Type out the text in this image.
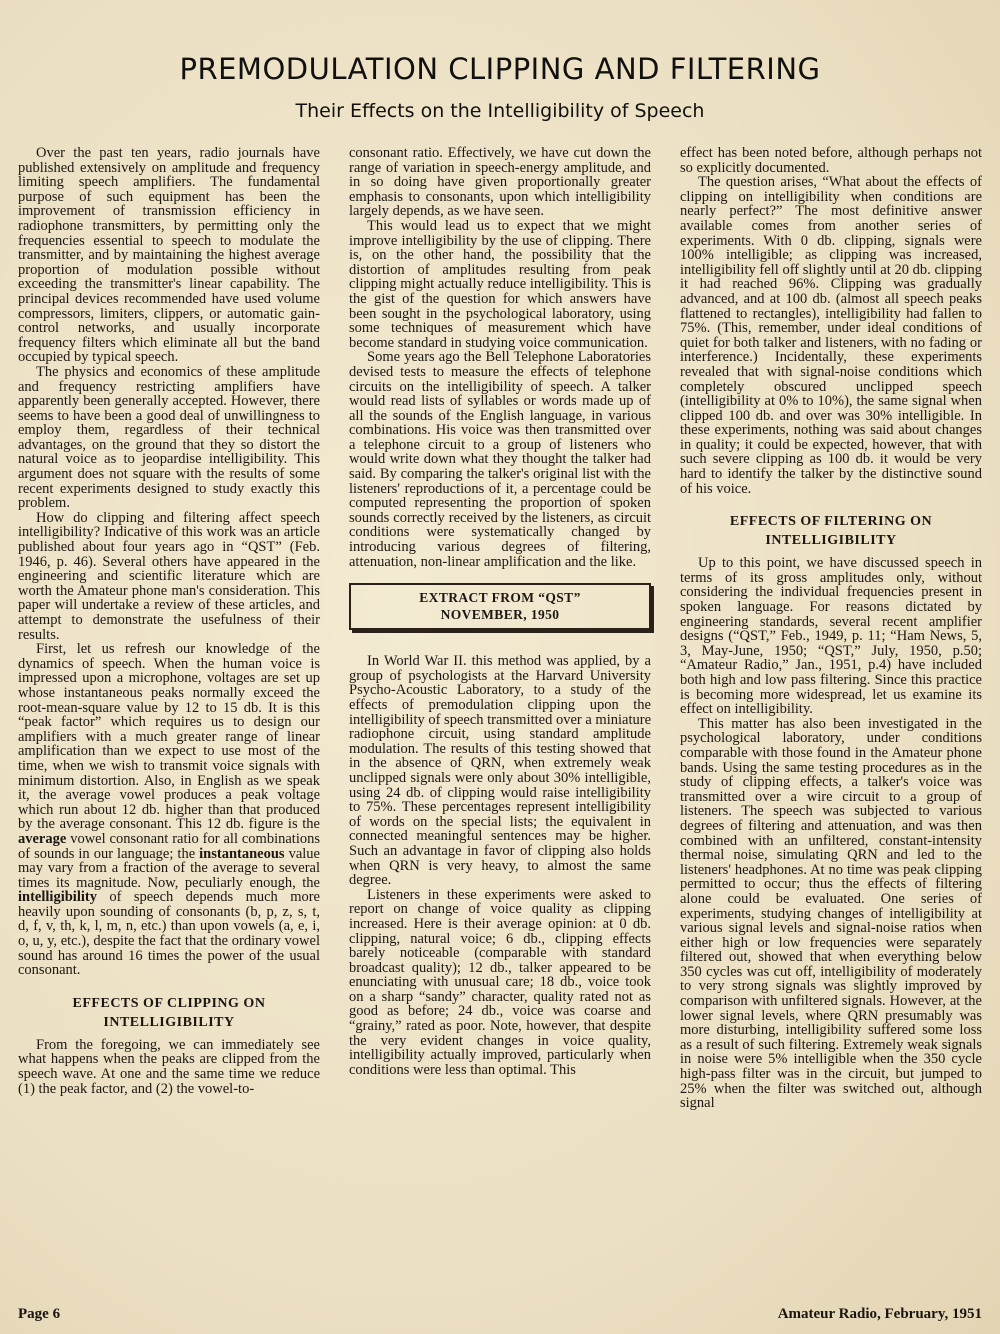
PREMODULATION CLIPPING AND FILTERING
Their Effects on the Intelligibility of Speech

Over the past ten years, radio journals have published extensively on amplitude and frequency limiting speech amplifiers. The fundamental purpose of such equipment has been the improvement of transmission efficiency in radiophone transmitters, by permitting only the frequencies essential to speech to modulate the transmitter, and by maintaining the highest average proportion of modulation possible without exceeding the transmitter's linear capability. The principal devices recommended have used volume compressors, limiters, clippers, or automatic gain-control networks, and usually incorporate frequency filters which eliminate all but the band occupied by typical speech.

The physics and economics of these amplitude and frequency restricting amplifiers have apparently been generally accepted. However, there seems to have been a good deal of unwillingness to employ them, regardless of their technical advantages, on the ground that they so distort the natural voice as to jeopardise intelligibility. This argument does not square with the results of some recent experiments designed to study exactly this problem.

How do clipping and filtering affect speech intelligibility? Indicative of this work was an article published about four years ago in “QST” (Feb. 1946, p. 46). Several others have appeared in the engineering and scientific literature which are worth the Amateur phone man's consideration. This paper will undertake a review of these articles, and attempt to demonstrate the usefulness of their results.

First, let us refresh our knowledge of the dynamics of speech. When the human voice is impressed upon a microphone, voltages are set up whose instantaneous peaks normally exceed the root-mean-square value by 12 to 15 db. It is this “peak factor” which requires us to design our amplifiers with a much greater range of linear amplification than we expect to use most of the time, when we wish to transmit voice signals with minimum distortion. Also, in English as we speak it, the average vowel produces a peak voltage which run about 12 db. higher than that produced by the average consonant. This 12 db. figure is the average vowel consonant ratio for all combinations of sounds in our language; the instantaneous value may vary from a fraction of the average to several times its magnitude. Now, peculiarly enough, the intelligibility of speech depends much more heavily upon sounding of consonants (b, p, z, s, t, d, f, v, th, k, l, m, n, etc.) than upon vowels (a, e, i, o, u, y, etc.), despite the fact that the ordinary vowel sound has around 16 times the power of the usual consonant.

EFFECTS OF CLIPPING ON INTELLIGIBILITY

From the foregoing, we can immediately see what happens when the peaks are clipped from the speech wave. At one and the same time we reduce (1) the peak factor, and (2) the vowel-to-

consonant ratio. Effectively, we have cut down the range of variation in speech-energy amplitude, and in so doing have given proportionally greater emphasis to consonants, upon which intelligibility largely depends, as we have seen.

This would lead us to expect that we might improve intelligibility by the use of clipping. There is, on the other hand, the possibility that the distortion of amplitudes resulting from peak clipping might actually reduce intelligibility. This is the gist of the question for which answers have been sought in the psychological laboratory, using some techniques of measurement which have become standard in studying voice communication.

Some years ago the Bell Telephone Laboratories devised tests to measure the effects of telephone circuits on the intelligibility of speech. A talker would read lists of syllables or words made up of all the sounds of the English language, in various combinations. His voice was then transmitted over a telephone circuit to a group of listeners who would write down what they thought the talker had said. By comparing the talker's original list with the listeners' reproductions of it, a percentage could be computed representing the proportion of spoken sounds correctly received by the listeners, as circuit conditions were systematically changed by introducing various degrees of filtering, attenuation, non-linear amplification and the like.

EXTRACT FROM “QST”
NOVEMBER, 1950

In World War II. this method was applied, by a group of psychologists at the Harvard University Psycho-Acoustic Laboratory, to a study of the effects of premodulation clipping upon the intelligibility of speech transmitted over a miniature radiophone circuit, using standard amplitude modulation. The results of this testing showed that in the absence of QRN, when extremely weak unclipped signals were only about 30% intelligible, using 24 db. of clipping would raise intelligibility to 75%. These percentages represent intelligibility of words on the special lists; the equivalent in connected meaningful sentences may be higher. Such an advantage in favor of clipping also holds when QRN is very heavy, to almost the same degree.

Listeners in these experiments were asked to report on change of voice quality as clipping increased. Here is their average opinion: at 0 db. clipping, natural voice; 6 db., clipping effects barely noticeable (comparable with standard broadcast quality); 12 db., talker appeared to be enunciating with unusual care; 18 db., voice took on a sharp “sandy” character, quality rated not as good as before; 24 db., voice was coarse and “grainy,” rated as poor. Note, however, that despite the very evident changes in voice quality, intelligibility actually improved, particularly when conditions were less than optimal. This

effect has been noted before, although perhaps not so explicitly documented.

The question arises, “What about the effects of clipping on intelligibility when conditions are nearly perfect?” The most definitive answer available comes from another series of experiments. With 0 db. clipping, signals were 100% intelligible; as clipping was increased, intelligibility fell off slightly until at 20 db. clipping it had reached 96%. Clipping was gradually advanced, and at 100 db. (almost all speech peaks flattened to rectangles), intelligibility had fallen to 75%. (This, remember, under ideal conditions of quiet for both talker and listeners, with no fading or interference.) Incidentally, these experiments revealed that with signal-noise conditions which completely obscured unclipped speech (intelligibility at 0% to 10%), the same signal when clipped 100 db. and over was 30% intelligible. In these experiments, nothing was said about changes in quality; it could be expected, however, that with such severe clipping as 100 db. it would be very hard to identify the talker by the distinctive sound of his voice.

EFFECTS OF FILTERING ON INTELLIGIBILITY

Up to this point, we have discussed speech in terms of its gross amplitudes only, without considering the individual frequencies present in spoken language. For reasons dictated by engineering standards, several recent amplifier designs (“QST,” Feb., 1949, p. 11; “Ham News, 5, 3, May-June, 1950; “QST,” July, 1950, p.50; “Amateur Radio,” Jan., 1951, p.4) have included both high and low pass filtering. Since this practice is becoming more widespread, let us examine its effect on intelligibility.

This matter has also been investigated in the psychological laboratory, under conditions comparable with those found in the Amateur phone bands. Using the same testing procedures as in the study of clipping effects, a talker's voice was transmitted over a wire circuit to a group of listeners. The speech was subjected to various degrees of filtering and attenuation, and was then combined with an unfiltered, constant-intensity thermal noise, simulating QRN and led to the listeners' headphones. At no time was peak clipping permitted to occur; thus the effects of filtering alone could be evaluated. One series of experiments, studying changes of intelligibility at various signal levels and signal-noise ratios when either high or low frequencies were separately filtered out, showed that when everything below 350 cycles was cut off, intelligibility of moderately to very strong signals was slightly improved by comparison with unfiltered signals. However, at the lower signal levels, where QRN presumably was more disturbing, intelligibility suffered some loss as a result of such filtering. Extremely weak signals in noise were 5% intelligible when the 350 cycle high-pass filter was in the circuit, but jumped to 25% when the filter was switched out, although signal

Page 6	Amateur Radio, February, 1951
